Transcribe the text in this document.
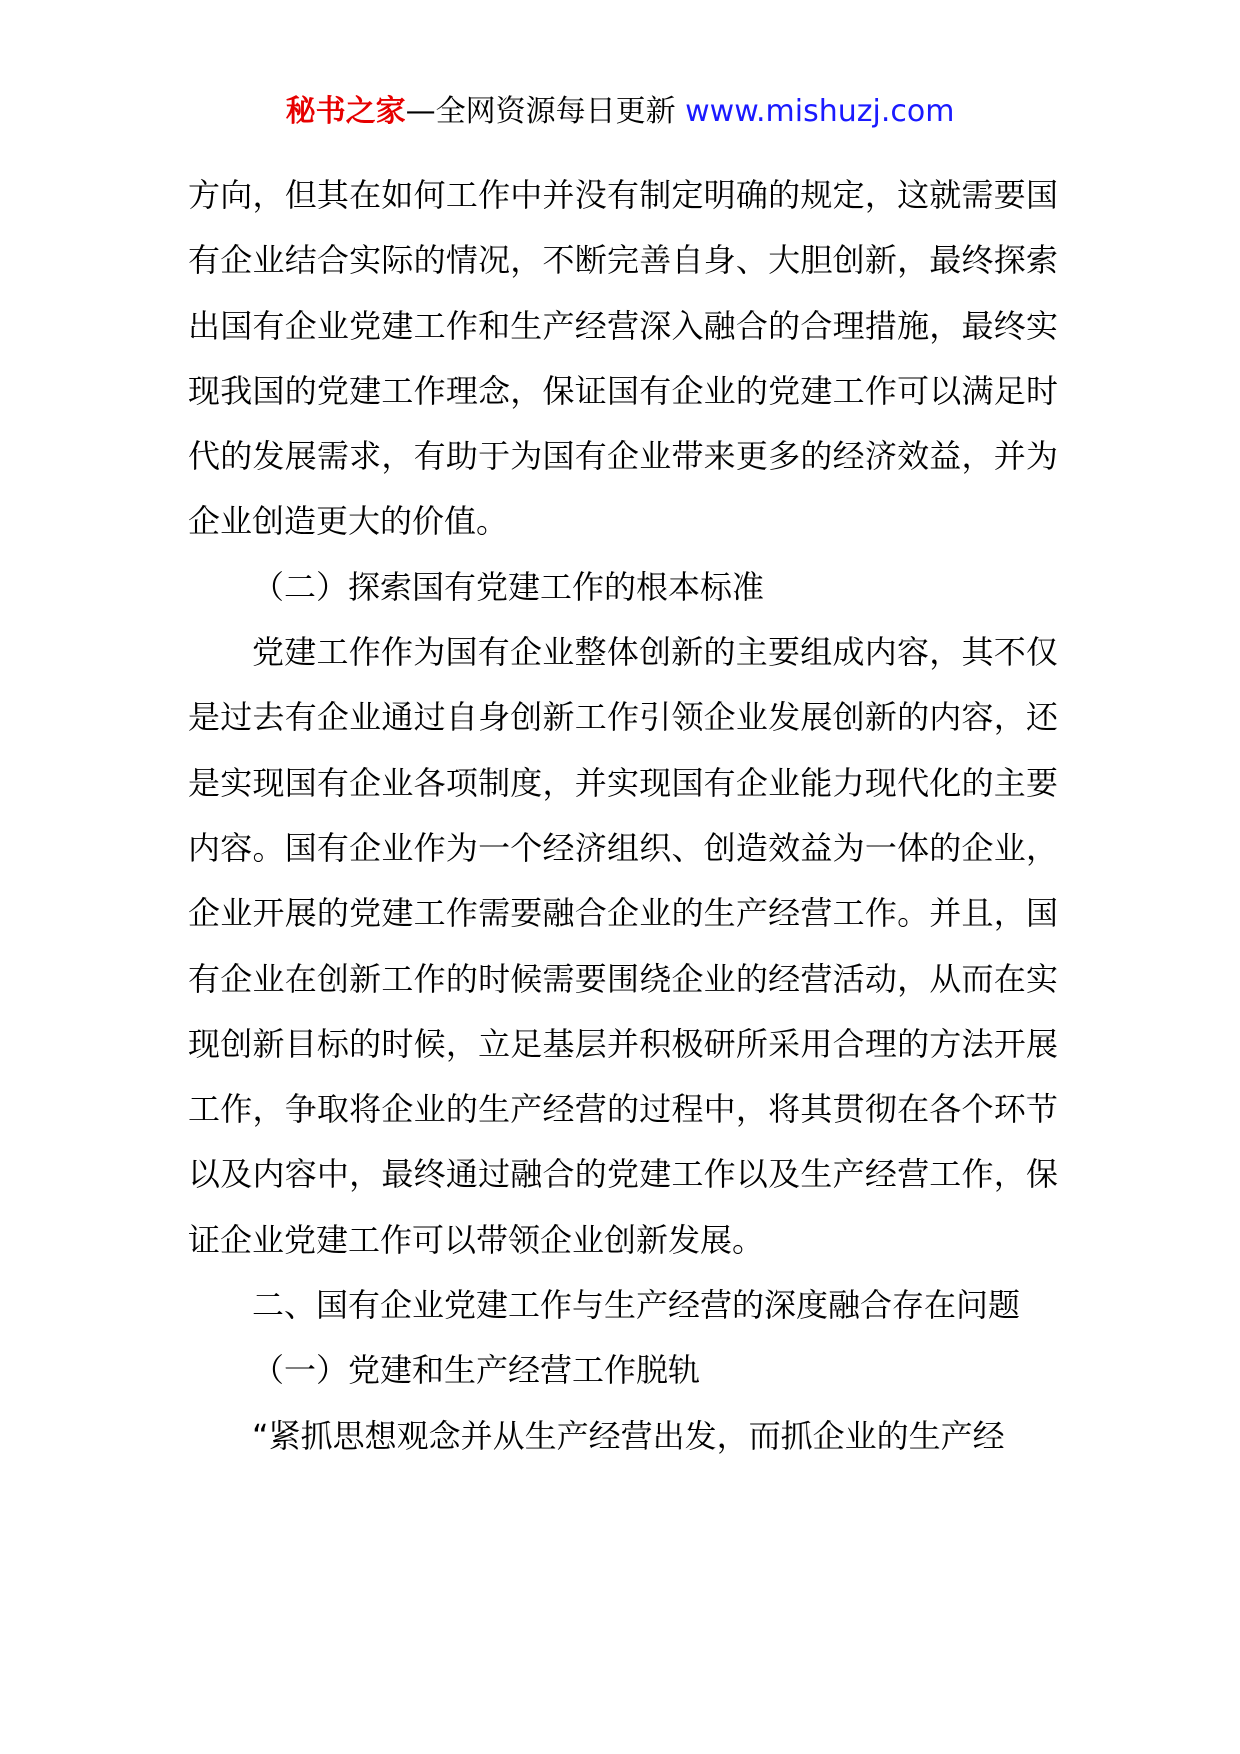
秘书之家—全网资源每日更新 www.mishuzj.com

方向，但其在如何工作中并没有制定明确的规定，这就需要国有企业结合实际的情况，不断完善自身、大胆创新，最终探索出国有企业党建工作和生产经营深入融合的合理措施，最终实现我国的党建工作理念，保证国有企业的党建工作可以满足时代的发展需求，有助于为国有企业带来更多的经济效益，并为企业创造更大的价值。

（二）探索国有党建工作的根本标准

党建工作作为国有企业整体创新的主要组成内容，其不仅是过去有企业通过自身创新工作引领企业发展创新的内容，还是实现国有企业各项制度，并实现国有企业能力现代化的主要内容。国有企业作为一个经济组织、创造效益为一体的企业，企业开展的党建工作需要融合企业的生产经营工作。并且，国有企业在创新工作的时候需要围绕企业的经营活动，从而在实现创新目标的时候，立足基层并积极研所采用合理的方法开展工作，争取将企业的生产经营的过程中，将其贯彻在各个环节以及内容中，最终通过融合的党建工作以及生产经营工作，保证企业党建工作可以带领企业创新发展。

二、国有企业党建工作与生产经营的深度融合存在问题

（一）党建和生产经营工作脱轨

“紧抓思想观念并从生产经营出发，而抓企业的生产经
